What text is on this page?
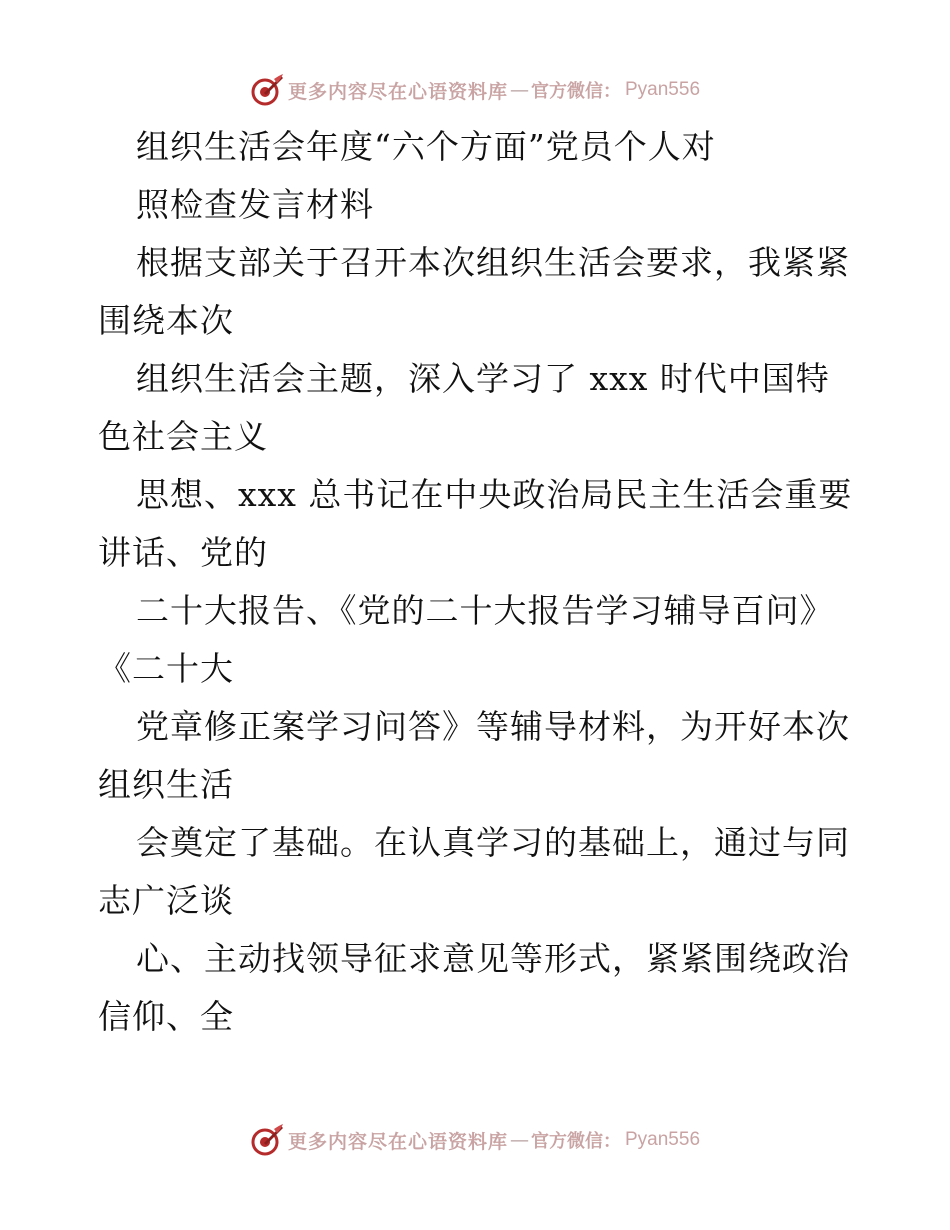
更多内容尽在心语资料库 — 官方微信： Pyan556
组织生活会年度“六个方面”党员个人对
照检查发言材料
根据支部关于召开本次组织生活会要求，我紧紧
围绕本次
组织生活会主题，深入学习了 xxx 时代中国特
色社会主义
思想、xxx 总书记在中央政治局民主生活会重要
讲话、党的
二十大报告、《党的二十大报告学习辅导百问》
《二十大
党章修正案学习问答》等辅导材料，为开好本次
组织生活
会奠定了基础。在认真学习的基础上，通过与同
志广泛谈
心、主动找领导征求意见等形式，紧紧围绕政治
信仰、全
更多内容尽在心语资料库 — 官方微信： Pyan556
